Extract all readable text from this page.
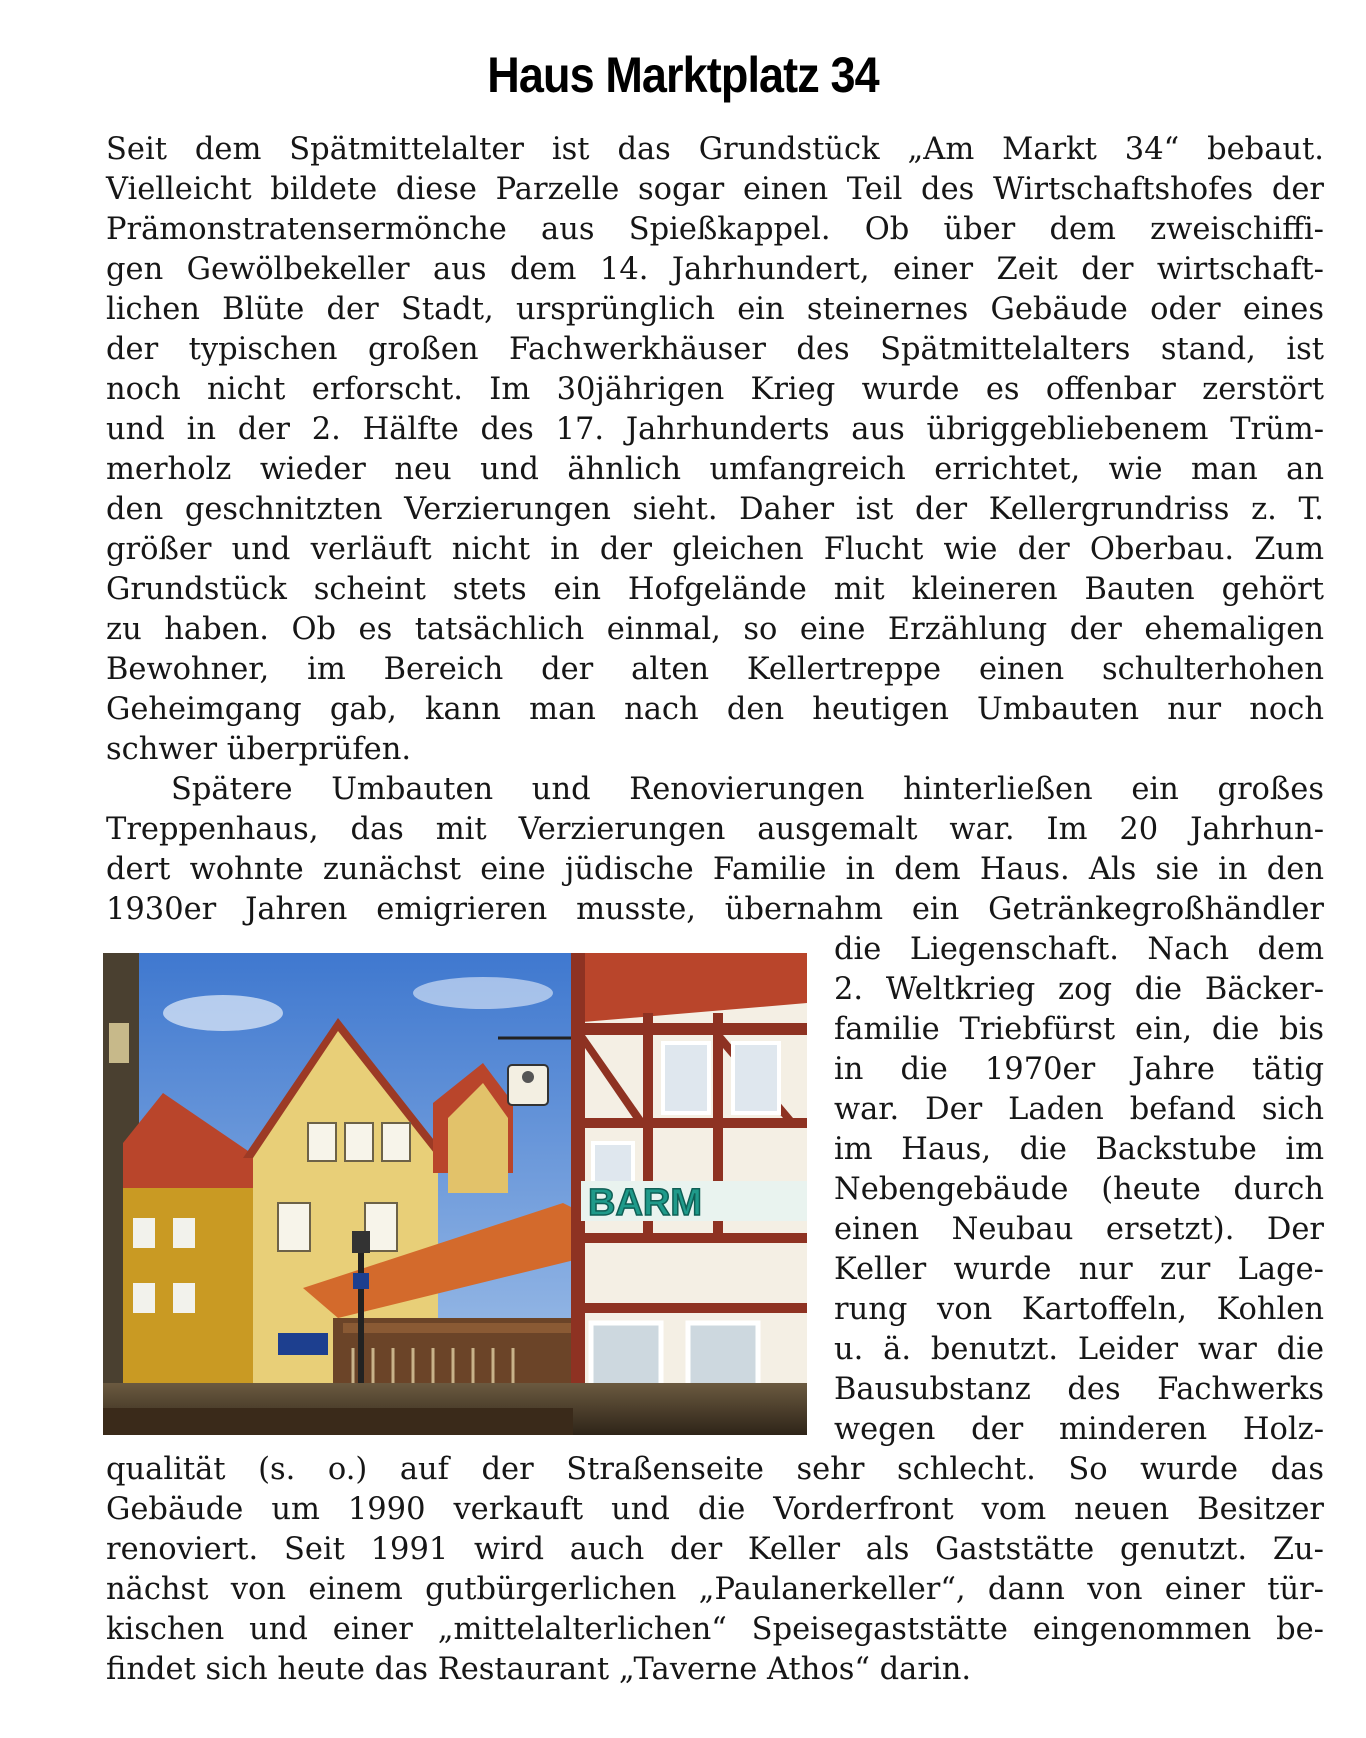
Haus Marktplatz 34
Seit dem Spätmittelalter ist das Grundstück „Am Markt 34“ bebaut.
Vielleicht bildete diese Parzelle sogar einen Teil des Wirtschaftshofes der
Prämonstratensermönche aus Spießkappel. Ob über dem zweischiffi-
gen Gewölbekeller aus dem 14. Jahrhundert, einer Zeit der wirtschaft-
lichen Blüte der Stadt, ursprünglich ein steinernes Gebäude oder eines
der typischen großen Fachwerkhäuser des Spätmittelalters stand, ist
noch nicht erforscht. Im 30jährigen Krieg wurde es offenbar zerstört
und in der 2. Hälfte des 17. Jahrhunderts aus übriggebliebenem Trüm-
merholz wieder neu und ähnlich umfangreich errichtet, wie man an
den geschnitzten Verzierungen sieht. Daher ist der Kellergrundriss z. T.
größer und verläuft nicht in der gleichen Flucht wie der Oberbau. Zum
Grundstück scheint stets ein Hofgelände mit kleineren Bauten gehört
zu haben. Ob es tatsächlich einmal, so eine Erzählung der ehemaligen
Bewohner, im Bereich der alten Kellertreppe einen schulterhohen
Geheimgang gab, kann man nach den heutigen Umbauten nur noch
schwer überprüfen.
Spätere Umbauten und Renovierungen hinterließen ein großes
Treppenhaus, das mit Verzierungen ausgemalt war. Im 20 Jahrhun-
dert wohnte zunächst eine jüdische Familie in dem Haus. Als sie in den
1930er Jahren emigrieren musste, übernahm ein Getränkegroßhändler
die Liegenschaft. Nach dem
2. Weltkrieg zog die Bäcker-
familie Triebfürst ein, die bis
in die 1970er Jahre tätig
war. Der Laden befand sich
im Haus, die Backstube im
Nebengebäude (heute durch
einen Neubau ersetzt). Der
Keller wurde nur zur Lage-
rung von Kartoffeln, Kohlen
u. ä. benutzt. Leider war die
Bausubstanz des Fachwerks
wegen der minderen Holz-
qualität (s. o.) auf der Straßenseite sehr schlecht. So wurde das
Gebäude um 1990 verkauft und die Vorderfront vom neuen Besitzer
renoviert. Seit 1991 wird auch der Keller als Gaststätte genutzt. Zu-
nächst von einem gutbürgerlichen „Paulanerkeller“, dann von einer tür-
kischen und einer „mittelalterlichen“ Speisegaststätte eingenommen be-
findet sich heute das Restaurant „Taverne Athos“ darin.
BARM
